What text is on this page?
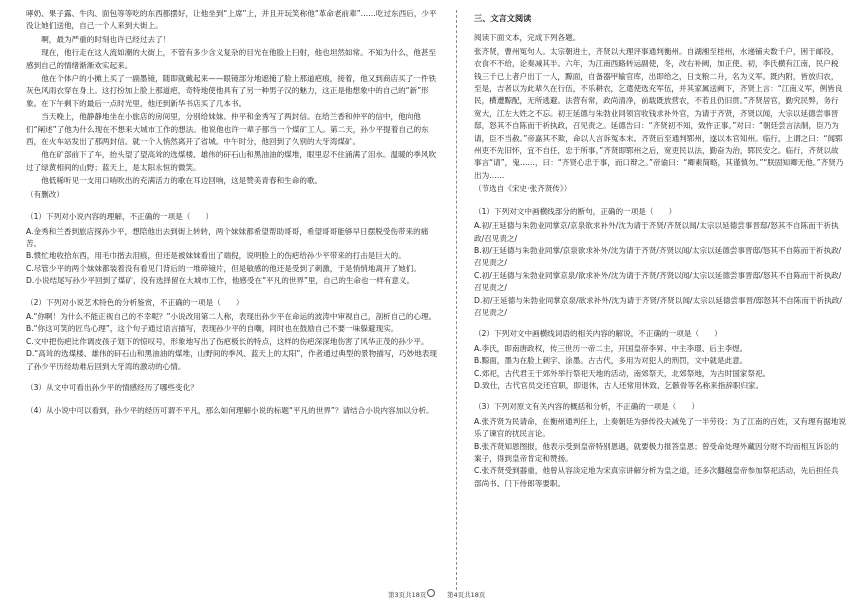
哮奶、果子露、牛肉、面包等等吃的东西都摆好，让他坐到“上席”上，并且开玩笑称他“革命老前辈”……吃过东西后，少平没让她们送他，自己一个人来到大街上。

啊，最为严重的时刻也许已经过去了！

现在，他行走在这人流如潮的大街上，不管有多少含义复杂的目光在他脸上扫射，他也坦然如常。不知为什么，他甚至感到自己的情绪渐渐欢实起来。

他在个体户的小摊上买了一副墨镜，随即就戴起来——眼镜部分地遮掩了脸上那道疤痕，接着，他又到商店买了一件铁灰色风雨衣穿在身上。这打扮加上脸上那道疤，奇特地使他具有了另一种男子汉的魅力，这正是他想象中的自己的“新”形象。在下午剩下的最后一点时光里，他还到新华书店买了几本书。

当天晚上，他静静地坐在小旅店的房间里，分别给妹妹、仲平和金秀写了两封信。在给兰香和仲平的信中，他向他们“阐述”了他为什么现在不想来大城市工作的想法。他说他也许一辈子都当一个煤矿工人。第二天，孙少平提着自己的东西，在火车站发出了那两封信。就一个人悄然离开了省城。中午时分，他回到了久别的大牙湾煤矿。

他在矿部前下了车，抬头望了望高耸的选煤楼、雄伟的矸石山和黑油油的煤堆，眼里忍不住涌满了泪水。温暖的季风吹过了绿黄相间的山野；蓝天上，是太阳永恒的微笑。

他低稀听见一支用口哨吹出的充满活力的歌在耳边回响，这是赞美青春和生命的歌。

（有删改）

（1）下列对小说内容的理解，不正确的一项是（　　）

A.金秀和兰香到旅店探孙少平，想陪他出去到街上转转，两个妹妹都希望帮助哥哥，希望哥哥能够早日摆脱受伤带来的痛苦。

B.惯忙地收拾东西，用毛巾揩去泪痕，但还是被妹妹看出了端倪，说明脸上的伤疤给孙少平带来的打击是巨大的。

C.尽管少平的两个妹妹都装着没有看见门背后的一堆碎镜片，但是敏感的他还是受到了刺激，于是悄悄地离开了她们。

D.小说结尾写孙少平回到了煤矿，没有选择留在大城市工作，他感受在“平凡的世界”里，自己的生命也一样有意义。

（2）下列对小说艺术特色的分析鉴赏，不正确的一项是（　　）

A.“你啊！为什么不能正视自己的不幸呢？”小说改用第二人称，表现出孙少平在命运的波涛中审视自己，剖析自己的心理。

B.“你这可笑的匠鸟心理”，这个句子通过语言描写，表现孙少平的自嘲，同时也在鼓励自己不要一味躲避现实。

C.文中把伤疤比作调皮孩子划下的惊叹号，形象地写出了伤疤极长的特点，这样的伤疤深深地伤害了风华正茂的孙少平。

D.“高耸的选煤楼、雄伟的矸石山和黑油油的煤堆，山野间的季风、蓝天上的太阳”，作者通过典型的景物描写，巧妙地表现了孙少平历经劫难后回到大牙湾的激动的心情。

（3）从文中可看出孙少平的情感经历了哪些变化？

（4）从小说中可以看到，孙少平的经历可谓不平凡，那么如何理解小说的标题“平凡的世界”？请结合小说内容加以分析。

三、文言文阅读

阅读下面文本，完成下列各题。

张齐贤，曹州冤句人。太宗朝进士，齐贤以大理评事通判衡州。自湖湘至桂州，水递铺夫数千户，困于邮役，衣食不不给，论奏减其半。六年，为江南西路转运副使，冬，改右补阙，加正使。初，李氏横有江南，民户税钱三千已上者户出丁一人，黥面，自备器甲输官库，出即给之，日支粮二升，名为义军。既内附，皆放归农，至是，吉者以为此辈久在行伍，不乐耕农，乞遣使选充军伍，并其家属送阙下，齐贤上言：“江南义军，例皆良民，横遭黥配，无所逃避。法营有常，政尚清净，前载既放营农，不若且仍旧贯。”齐贤居官，勤究民弊，务行宽大，江左大姓之不忘。初王延德与朱勃业同领宫收钱求补外官，为请于齐贤，齐贤以闻，大宗以延德尝事晋邸，怒其不自陈而干祈执政，召见责之。延德告曰：“齐贤初不知，致忤正事。”对曰：“朝廷尝言法制，臣乃为请，臣不当赦。”帝嘉其不欺，命以人言诉冤本末。齐贤后至通判郓州，遂以本官知州。临行，上谓之曰：“闻郓州吏不先旧怀，宜不自任，忠于所事。”齐贤即郓州之后，宽吏民以法，勤奋为治，郓民安之。临行，齐贤以故事言“请”，鬼……，曰：“齐贤心忠于事，而口辩之。”帝谕曰：“卿素简略，其谨慎勿。”“朕固知卿无他。”齐贤乃出为……

（节选自《宋史·张齐贤传》）

（1）下列对文中画横线部分的断句，正确的一项是（　　）

A.初/王延德与朱勃业同掌京/京泉欲求补外/沈为请于齐贤/齐贤以闻/太宗以延德尝事晋邸/怒其不自陈而干祈执政/召见责之/

B.初/王延德与朱勃业同掌/京泉欲求补外/沈为请于齐贤/齐贤以闻/太宗以延德尝事晋邸/怒其不自陈而干祈执政/召见责之/

C.初/王延德与朱勃业同掌京泉/欲求补外/沈为请于齐贤/齐贤以闻/太宗以延德尝事晋邸/怒其不自陈而干祈执政/召见责之/

D.初/王延德与朱勃业同掌京泉/欲求补外/沈为请于齐贤/齐贤以闻/太宗以延德尝事晋/邸怒其不自陈而干祈执政/召见责之/

（2）下列对文中画横线词语的相关内容的解说，不正确的一项是（　　）

A.李氏，即南唐政权，传三世历一帝二主，开国皇帝李昇、中主李璟、后主李煜。

B.黥面，墨为在脸上刺字、涂墨。古古代，多用为对犯人的刑罚，文中就是此意。

C.郊祀，古代君王于郊外举行祭祀天地的活动，南郊祭天，北郊祭地，为古时国家祭祀。

D.致仕，古代官员交还官职，即退休，古人还常用休致、乞骸骨等名称来指辞职归家。

（3）下列对原文有关内容的概括和分析，不正确的一项是（　　）

A.张齐贤为民请命，在衡州通判任上，上奏朝廷为驿传役夫减免了一半劳役；为了江南的百姓，又有理有据地说乐了谏官的扰民言论。

B.张齐贤知恩图报，他表示受到皇帝特别恩遇，就要极力报答皇恩；曾受命处理外藏因分财不均而相互诉讼的案子，得到皇帝肯定和赞扬。

C.张齐贤受到器重，他曾从容淡定地为宋真宗讲解分析为皇之道，还多次翻越皇帝参加祭祀活动，先后担任兵部尚书、门下侍郎等要职。

第3页共18页	第4页共18页
